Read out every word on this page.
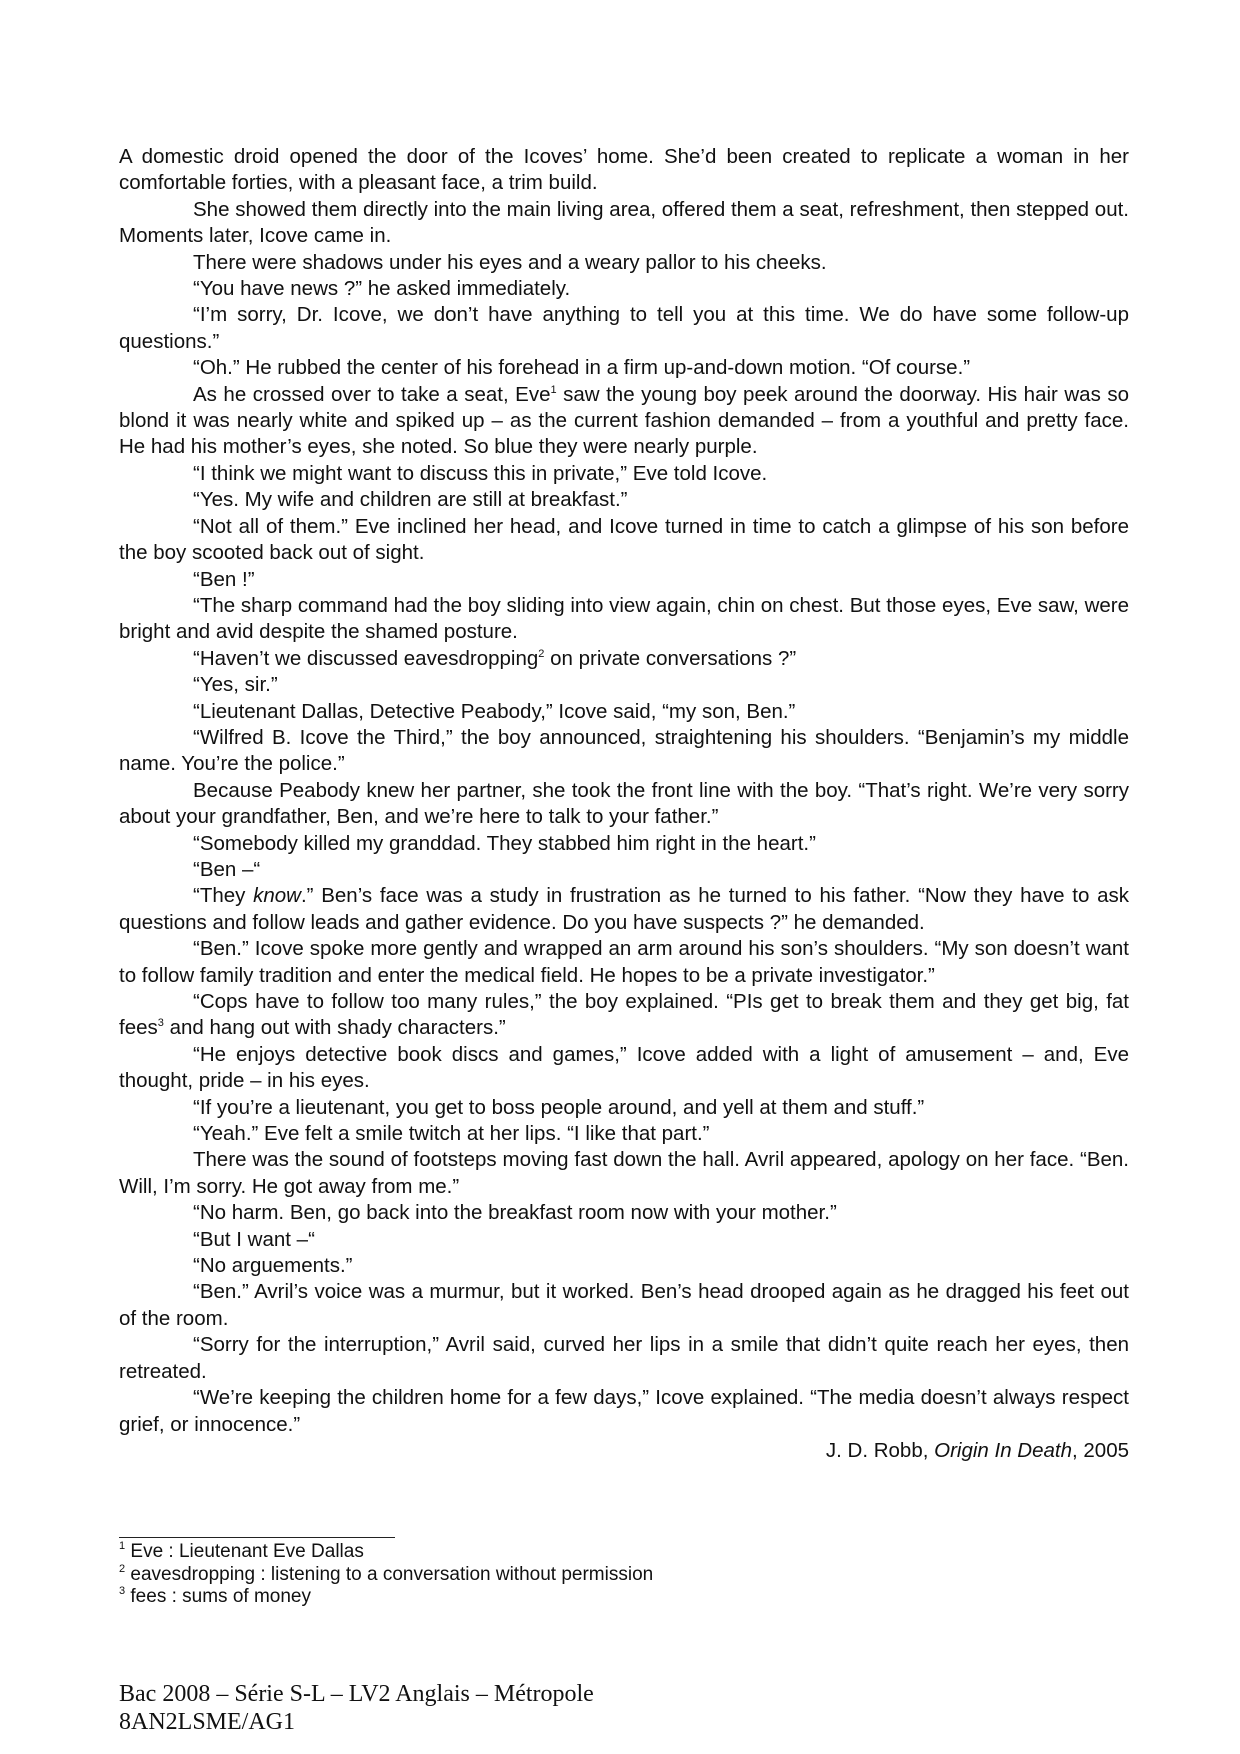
A domestic droid opened the door of the Icoves’ home. She’d been created to replicate a woman in her comfortable forties, with a pleasant face, a trim build.

She showed them directly into the main living area, offered them a seat, refreshment, then stepped out. Moments later, Icove came in.

There were shadows under his eyes and a weary pallor to his cheeks.

“You have news ?” he asked immediately.

“I’m sorry, Dr. Icove, we don’t have anything to tell you at this time. We do have some follow-up questions.”

“Oh.” He rubbed the center of his forehead in a firm up-and-down motion. “Of course.”

As he crossed over to take a seat, Eve$^1$ saw the young boy peek around the doorway. His hair was so blond it was nearly white and spiked up – as the current fashion demanded – from a youthful and pretty face. He had his mother’s eyes, she noted. So blue they were nearly purple.

“I think we might want to discuss this in private,” Eve told Icove.

“Yes. My wife and children are still at breakfast.”

“Not all of them.” Eve inclined her head, and Icove turned in time to catch a glimpse of his son before the boy scooted back out of sight.

“Ben !”

“The sharp command had the boy sliding into view again, chin on chest. But those eyes, Eve saw, were bright and avid despite the shamed posture.

“Haven’t we discussed eavesdropping$^2$ on private conversations ?”

“Yes, sir.”

“Lieutenant Dallas, Detective Peabody,” Icove said, “my son, Ben.”

“Wilfred B. Icove the Third,” the boy announced, straightening his shoulders. “Benjamin’s my middle name. You’re the police.”

Because Peabody knew her partner, she took the front line with the boy. “That’s right. We’re very sorry about your grandfather, Ben, and we’re here to talk to your father.”

“Somebody killed my granddad. They stabbed him right in the heart.”

“Ben –“

“They know.” Ben’s face was a study in frustration as he turned to his father. “Now they have to ask questions and follow leads and gather evidence. Do you have suspects ?” he demanded.

“Ben.” Icove spoke more gently and wrapped an arm around his son’s shoulders. “My son doesn’t want to follow family tradition and enter the medical field. He hopes to be a private investigator.”

“Cops have to follow too many rules,” the boy explained. “PIs get to break them and they get big, fat fees$^3$ and hang out with shady characters.”

“He enjoys detective book discs and games,” Icove added with a light of amusement – and, Eve thought, pride – in his eyes.

“If you’re a lieutenant, you get to boss people around, and yell at them and stuff.”

“Yeah.” Eve felt a smile twitch at her lips. “I like that part.”

There was the sound of footsteps moving fast down the hall. Avril appeared, apology on her face. “Ben. Will, I’m sorry. He got away from me.”

“No harm. Ben, go back into the breakfast room now with your mother.”

“But I want –“

“No arguements.”

“Ben.” Avril’s voice was a murmur, but it worked. Ben’s head drooped again as he dragged his feet out of the room.

“Sorry for the interruption,” Avril said, curved her lips in a smile that didn’t quite reach her eyes, then retreated.

“We’re keeping the children home for a few days,” Icove explained. “The media doesn’t always respect grief, or innocence.”

J. D. Robb, Origin In Death, 2005

$^1$ Eve : Lieutenant Eve Dallas
$^2$ eavesdropping : listening to a conversation without permission
$^3$ fees : sums of money
Bac 2008 – Série S-L – LV2 Anglais – Métropole
8AN2LSME/AG1
